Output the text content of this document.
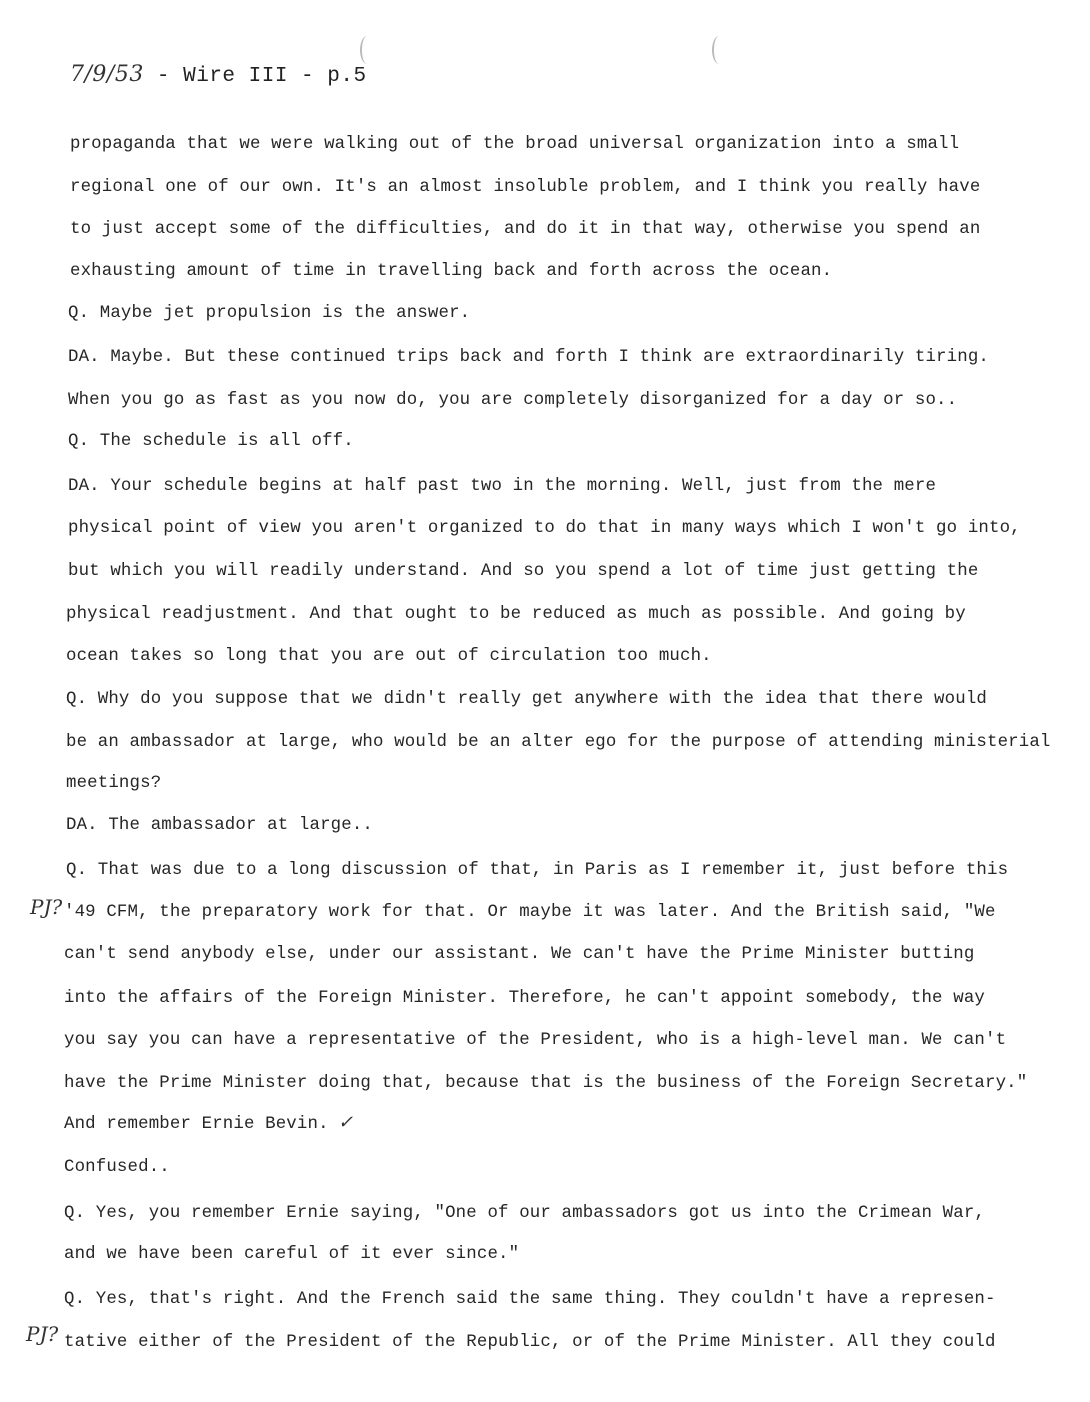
7/9/53 - Wire III - p.5
propaganda that we were walking out of the broad universal organization into a small
regional one of our own. It's an almost insoluble problem, and I think you really have
to just accept some of the difficulties, and do it in that way, otherwise you spend an
exhausting amount of time in travelling back and forth across the ocean.
Q. Maybe jet propulsion is the answer.
DA. Maybe. But these continued trips back and forth I think are extraordinarily tiring.
When you go as fast as you now do, you are completely disorganized for a day or so..
Q. The schedule is all off.
DA. Your schedule begins at half past two in the morning. Well, just from the mere
physical point of view you aren't organized to do that in many ways which I won't go into,
but which you will readily understand. And so you spend a lot of time just getting the
physical readjustment. And that ought to be reduced as much as possible. And going by
ocean takes so long that you are out of circulation too much.
Q. Why do you suppose that we didn't really get anywhere with the idea that there would
be an ambassador at large, who would be an alter ego for the purpose of attending ministerial
meetings?
DA. The ambassador at large..
Q. That was due to a long discussion of that, in Paris as I remember it, just before this
'49 CFM, the preparatory work for that. Or maybe it was later. And the British said, "We
can't send anybody else, under our assistant. We can't have the Prime Minister butting
into the affairs of the Foreign Minister. Therefore, he can't appoint somebody, the way
you say you can have a representative of the President, who is a high-level man. We can't
have the Prime Minister doing that, because that is the business of the Foreign Secretary."
And remember Ernie Bevin.
Confused..
Q. Yes, you remember Ernie saying, "One of our ambassadors got us into the Crimean War,
and we have been careful of it ever since."
Q. Yes, that's right. And the French said the same thing. They couldn't have a represen-
tative either of the President of the Republic, or of the Prime Minister. All they could
PJ?
PJ?
✓
